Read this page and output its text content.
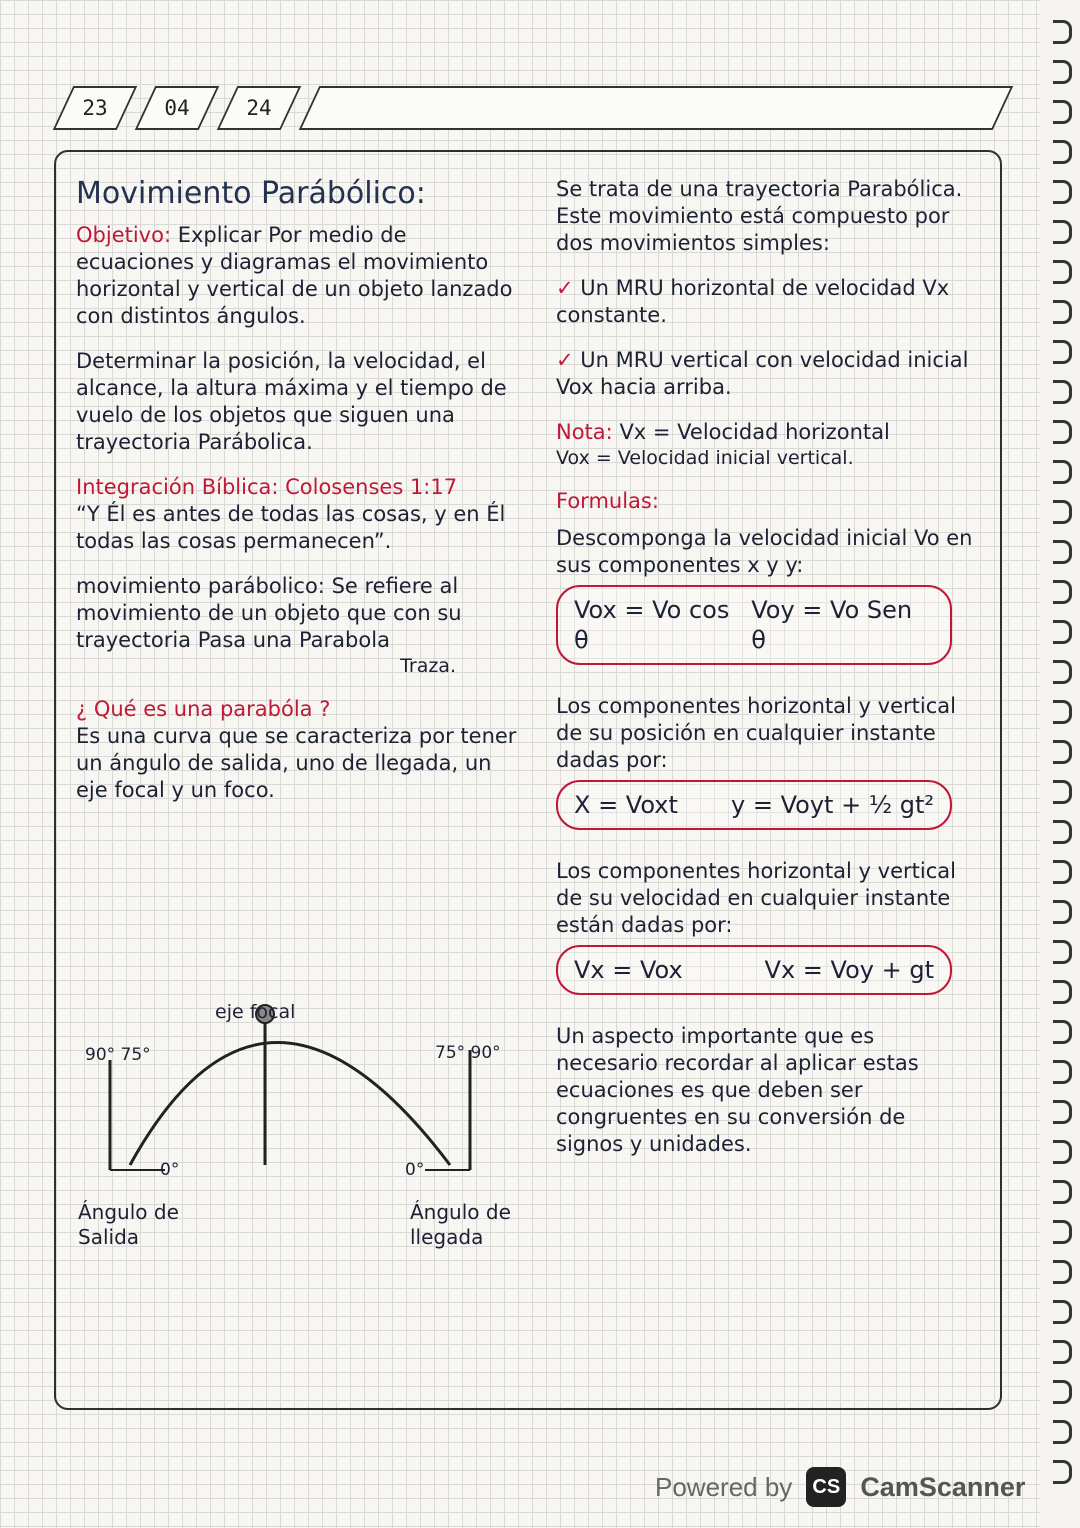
23	04	24
Movimiento Parábólico:
Objetivo: Explicar Por medio de ecuaciones y diagramas el movimiento horizontal y vertical de un objeto lanzado con distintos ángulos.
Determinar la posición, la velocidad, el alcance, la altura máxima y el tiempo de vuelo de los objetos que siguen una trayectoria Parábolica.
Integración Bíblica: Colosenses 1:17
“Y Él es antes de todas las cosas, y en Él todas las cosas permanecen”.
movimiento parábolico: Se refiere al movimiento de un objeto que con su trayectoria Pasa una Parabola
Traza.
¿ Qué es una parabóla ?
Es una curva que se caracteriza por tener un ángulo de salida, uno de llegada, un eje focal y un foco.
eje focal
90° 75°	75° 90°
0°	0°
Ángulo de Salida
Ángulo de llegada
Se trata de una trayectoria Parabólica. Este movimiento está compuesto por dos movimientos simples:
✓ Un MRU horizontal de velocidad Vx constante.
✓ Un MRU vertical con velocidad inicial Vox hacia arriba.
Nota: Vx = Velocidad horizontal
Vox = Velocidad inicial vertical.
Formulas:
Descomponga la velocidad inicial Vo en sus componentes x y y:
Vox = Vo cos θ
Voy = Vo Sen θ
Los componentes horizontal y vertical de su posición en cualquier instante dadas por:
X = Voxt y = Voyt + ½ gt²
Los componentes horizontal y vertical de su velocidad en cualquier instante están dadas por:
Vx = Vox	Vx = Voy + gt
Un aspecto importante que es necesario recordar al aplicar estas ecuaciones es que deben ser congruentes en su conversión de signos y unidades.
Powered by	CS CamScanner
